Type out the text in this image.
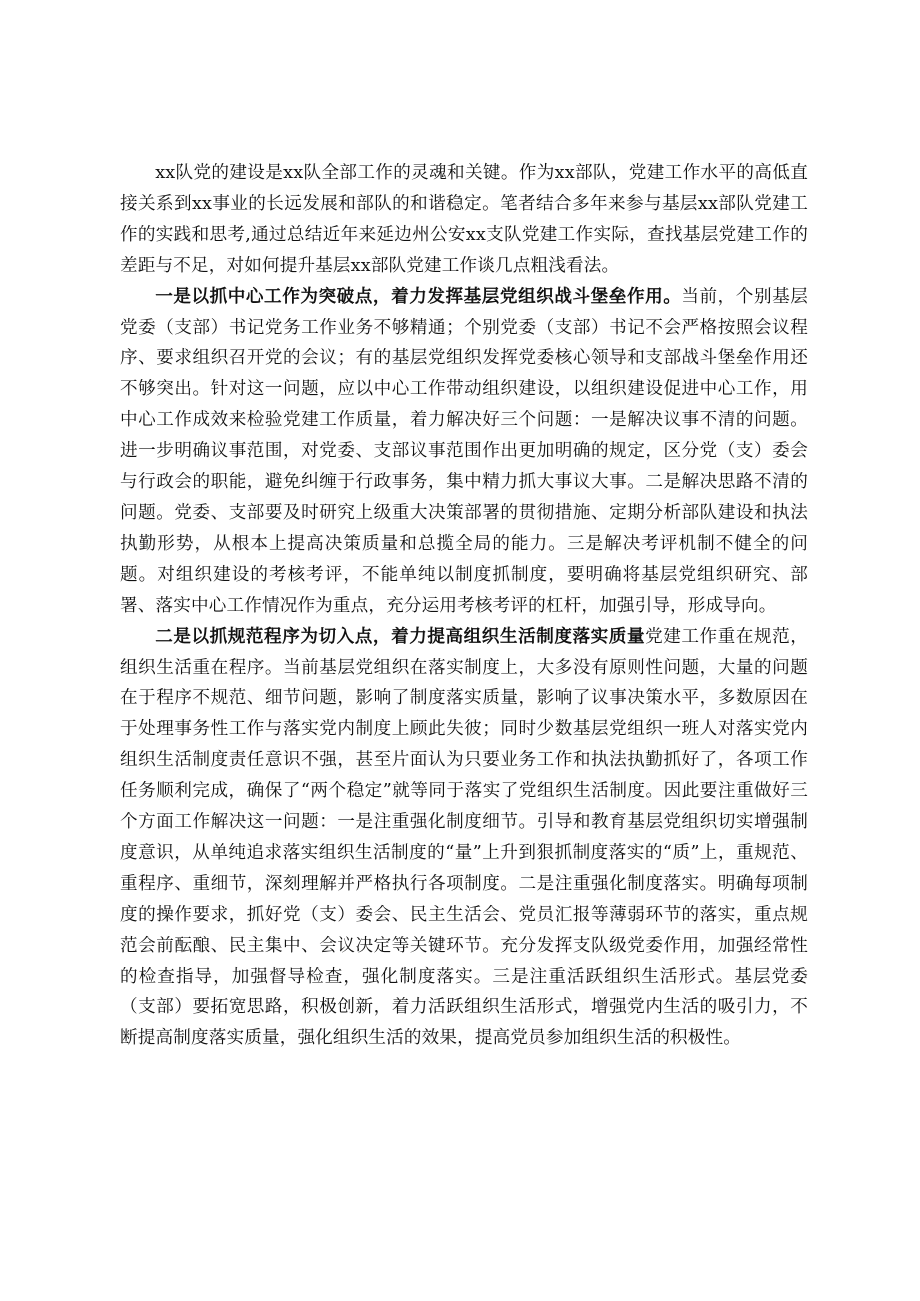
xx队党的建设是xx队全部工作的灵魂和关键。作为xx部队，党建工作水平的高低直接关系到xx事业的长远发展和部队的和谐稳定。笔者结合多年来参与基层xx部队党建工作的实践和思考,通过总结近年来延边州公安xx支队党建工作实际，查找基层党建工作的差距与不足，对如何提升基层xx部队党建工作谈几点粗浅看法。

一是以抓中心工作为突破点，着力发挥基层党组织战斗堡垒作用。当前，个别基层党委（支部）书记党务工作业务不够精通；个别党委（支部）书记不会严格按照会议程序、要求组织召开党的会议；有的基层党组织发挥党委核心领导和支部战斗堡垒作用还不够突出。针对这一问题，应以中心工作带动组织建设，以组织建设促进中心工作，用中心工作成效来检验党建工作质量，着力解决好三个问题：一是解决议事不清的问题。进一步明确议事范围，对党委、支部议事范围作出更加明确的规定，区分党（支）委会与行政会的职能，避免纠缠于行政事务，集中精力抓大事议大事。二是解决思路不清的问题。党委、支部要及时研究上级重大决策部署的贯彻措施、定期分析部队建设和执法执勤形势，从根本上提高决策质量和总揽全局的能力。三是解决考评机制不健全的问题。对组织建设的考核考评，不能单纯以制度抓制度，要明确将基层党组织研究、部署、落实中心工作情况作为重点，充分运用考核考评的杠杆，加强引导，形成导向。

二是以抓规范程序为切入点，着力提高组织生活制度落实质量党建工作重在规范，组织生活重在程序。当前基层党组织在落实制度上，大多没有原则性问题，大量的问题在于程序不规范、细节问题，影响了制度落实质量，影响了议事决策水平，多数原因在于处理事务性工作与落实党内制度上顾此失彼；同时少数基层党组织一班人对落实党内组织生活制度责任意识不强，甚至片面认为只要业务工作和执法执勤抓好了，各项工作任务顺利完成，确保了“两个稳定”就等同于落实了党组织生活制度。因此要注重做好三个方面工作解决这一问题：一是注重强化制度细节。引导和教育基层党组织切实增强制度意识，从单纯追求落实组织生活制度的“量”上升到狠抓制度落实的“质”上，重规范、重程序、重细节，深刻理解并严格执行各项制度。二是注重强化制度落实。明确每项制度的操作要求，抓好党（支）委会、民主生活会、党员汇报等薄弱环节的落实，重点规范会前酝酿、民主集中、会议决定等关键环节。充分发挥支队级党委作用，加强经常性的检查指导，加强督导检查，强化制度落实。三是注重活跃组织生活形式。基层党委（支部）要拓宽思路，积极创新，着力活跃组织生活形式，增强党内生活的吸引力，不断提高制度落实质量，强化组织生活的效果，提高党员参加组织生活的积极性。
